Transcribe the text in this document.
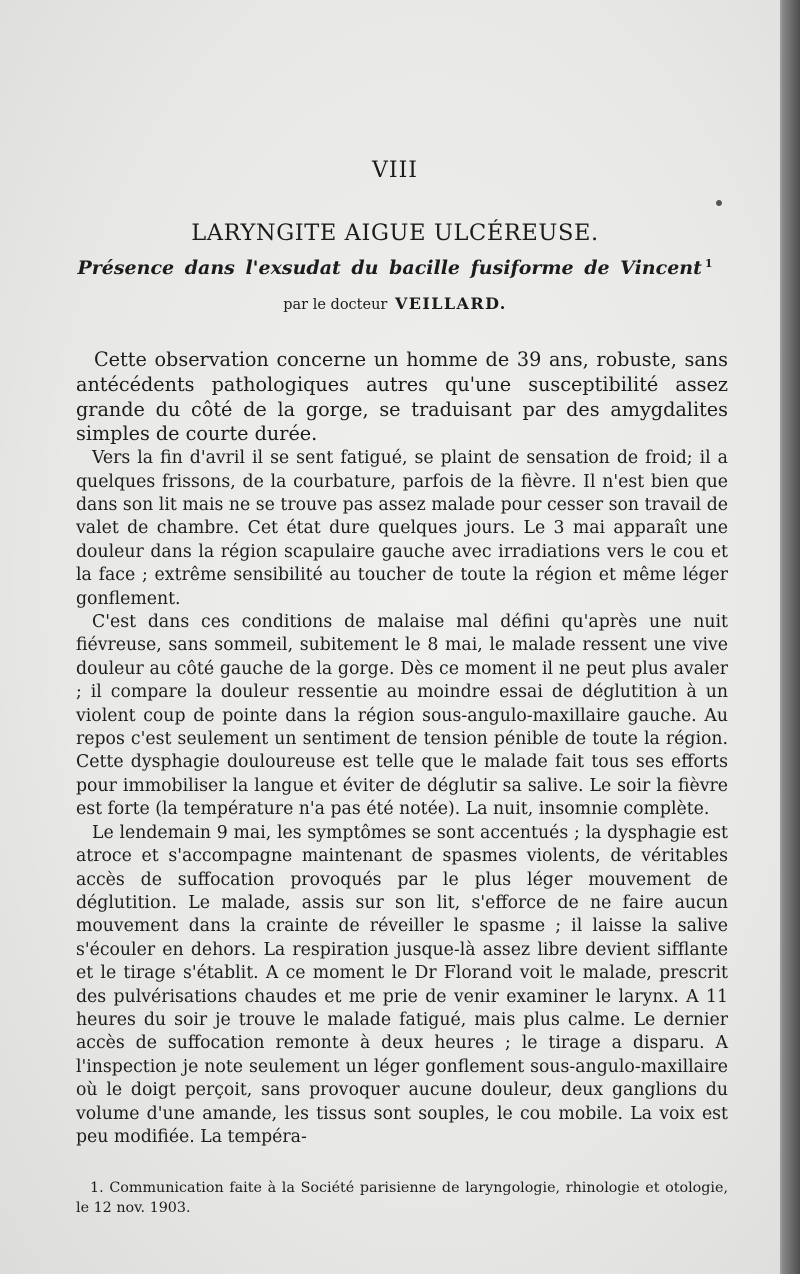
VIII
LARYNGITE AIGUE ULCÉREUSE.
Présence dans l'exsudat du bacille fusiforme de Vincent $^1$
par le docteur VEILLARD.

Cette observation concerne un homme de 39 ans, robuste, sans antécédents pathologiques autres qu'une susceptibilité assez grande du côté de la gorge, se traduisant par des amygdalites simples de courte durée.

Vers la fin d'avril il se sent fatigué, se plaint de sensation de froid; il a quelques frissons, de la courbature, parfois de la fièvre. Il n'est bien que dans son lit mais ne se trouve pas assez malade pour cesser son travail de valet de chambre. Cet état dure quelques jours. Le 3 mai apparaît une douleur dans la région scapulaire gauche avec irradiations vers le cou et la face ; extrême sensibilité au toucher de toute la région et même léger gonflement.

C'est dans ces conditions de malaise mal défini qu'après une nuit fiévreuse, sans sommeil, subitement le 8 mai, le malade ressent une vive douleur au côté gauche de la gorge. Dès ce moment il ne peut plus avaler ; il compare la douleur ressentie au moindre essai de déglutition à un violent coup de pointe dans la région sous-angulo-maxillaire gauche. Au repos c'est seulement un sentiment de tension pénible de toute la région. Cette dysphagie douloureuse est telle que le malade fait tous ses efforts pour immobiliser la langue et éviter de déglutir sa salive. Le soir la fièvre est forte (la température n'a pas été notée). La nuit, insomnie complète.

Le lendemain 9 mai, les symptômes se sont accentués ; la dysphagie est atroce et s'accompagne maintenant de spasmes violents, de véritables accès de suffocation provoqués par le plus léger mouvement de déglutition. Le malade, assis sur son lit, s'efforce de ne faire aucun mouvement dans la crainte de réveiller le spasme ; il laisse la salive s'écouler en dehors. La respiration jusque-là assez libre devient sifflante et le tirage s'établit. A ce moment le Dr Florand voit le malade, prescrit des pulvérisations chaudes et me prie de venir examiner le larynx. A 11 heures du soir je trouve le malade fatigué, mais plus calme. Le dernier accès de suffocation remonte à deux heures ; le tirage a disparu. A l'inspection je note seulement un léger gonflement sous-angulo-maxillaire où le doigt perçoit, sans provoquer aucune douleur, deux ganglions du volume d'une amande, les tissus sont souples, le cou mobile. La voix est peu modifiée. La tempéra-

1. Communication faite à la Société parisienne de laryngologie, rhinologie et otologie, le 12 nov. 1903.
